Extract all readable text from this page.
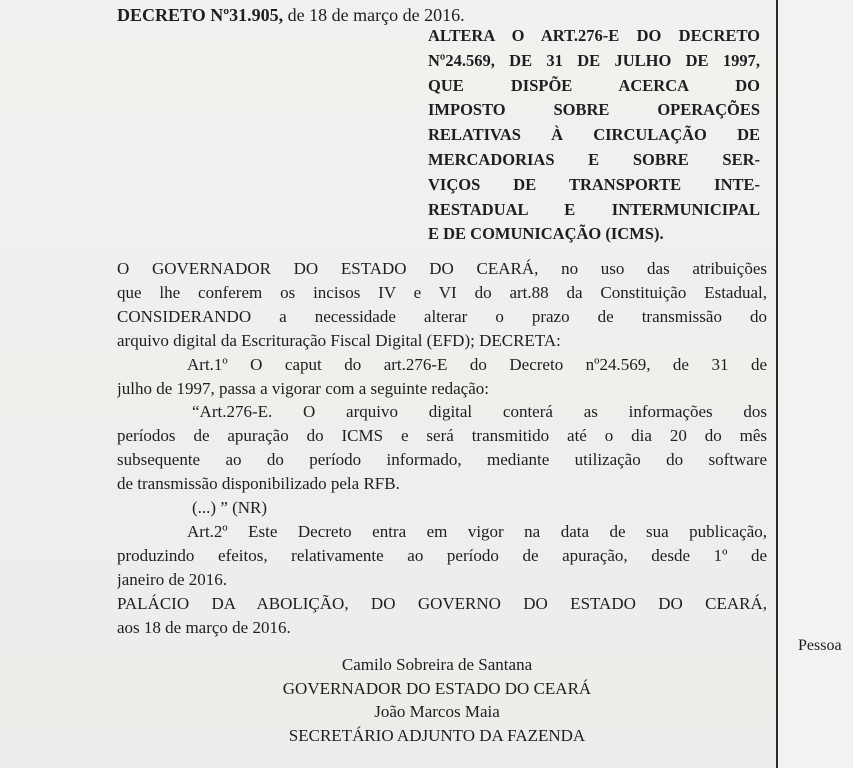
DECRETO Nº31.905, de 18 de março de 2016.
ALTERA O ART.276-E DO DECRETO
Nº24.569, DE 31 DE JULHO DE 1997,
QUE DISPÕE ACERCA DO
IMPOSTO SOBRE OPERAÇÕES
RELATIVAS À CIRCULAÇÃO DE
MERCADORIAS E SOBRE SER-
VIÇOS DE TRANSPORTE INTE-
RESTADUAL E INTERMUNICIPAL
E DE COMUNICAÇÃO (ICMS).
O GOVERNADOR DO ESTADO DO CEARÁ, no uso das atribuições
que lhe conferem os incisos IV e VI do art.88 da Constituição Estadual,
CONSIDERANDO a necessidade alterar o prazo de transmissão do
arquivo digital da Escrituração Fiscal Digital (EFD); DECRETA:
Art.1º O caput do art.276-E do Decreto nº24.569, de 31 de
julho de 1997, passa a vigorar com a seguinte redação:
“Art.276-E. O arquivo digital conterá as informações dos
períodos de apuração do ICMS e será transmitido até o dia 20 do mês
subsequente ao do período informado, mediante utilização do software
de transmissão disponibilizado pela RFB.
(...) ” (NR)
Art.2º Este Decreto entra em vigor na data de sua publicação,
produzindo efeitos, relativamente ao período de apuração, desde 1º de
janeiro de 2016.
PALÁCIO DA ABOLIÇÃO, DO GOVERNO DO ESTADO DO CEARÁ,
aos 18 de março de 2016.
Camilo Sobreira de Santana
GOVERNADOR DO ESTADO DO CEARÁ
João Marcos Maia
SECRETÁRIO ADJUNTO DA FAZENDA
Pessoa
